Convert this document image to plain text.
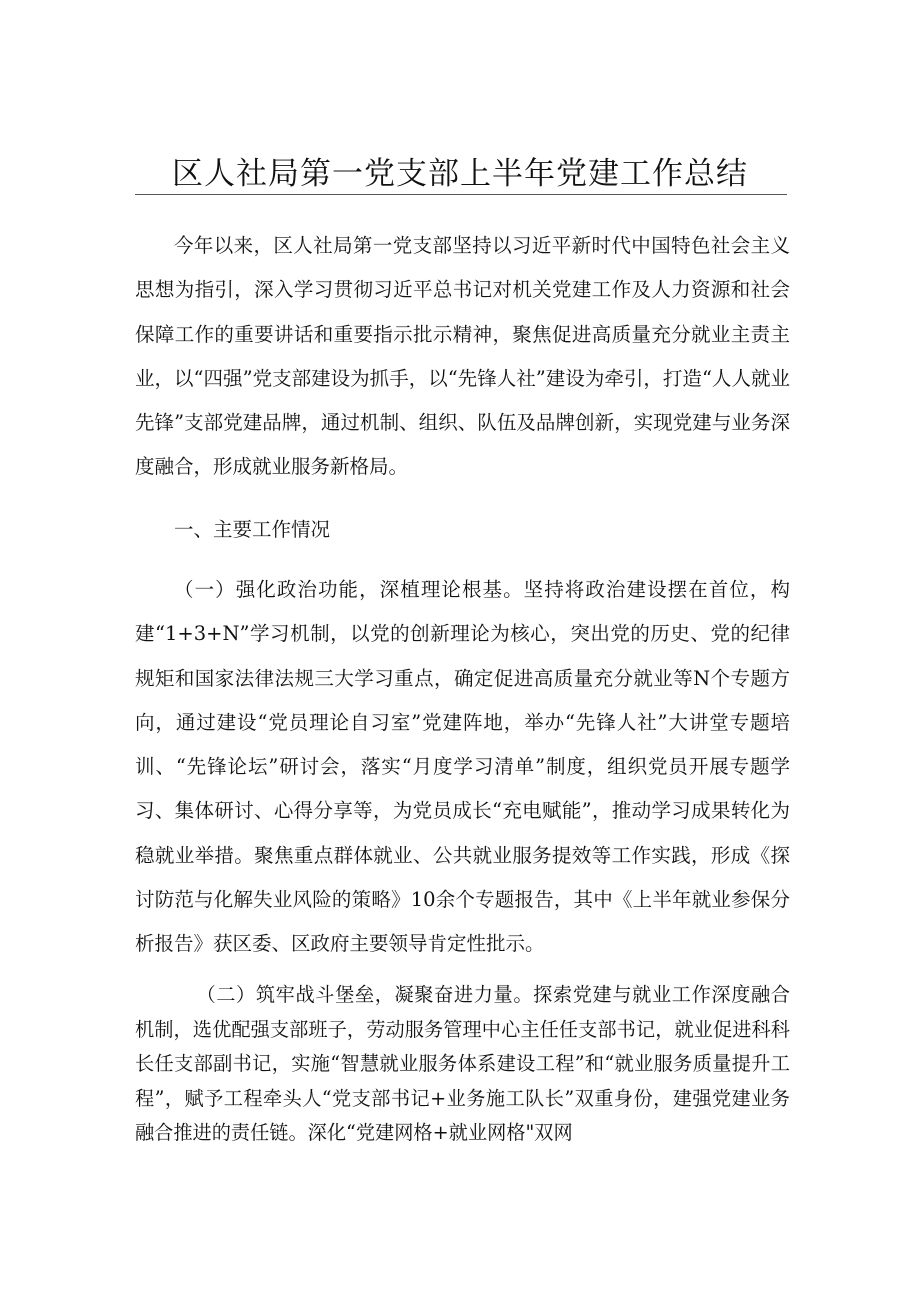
区人社局第一党支部上半年党建工作总结

今年以来，区人社局第一党支部坚持以习近平新时代中国特色社会主义思想为指引，深入学习贯彻习近平总书记对机关党建工作及人力资源和社会保障工作的重要讲话和重要指示批示精神，聚焦促进高质量充分就业主责主业，以“四强”党支部建设为抓手，以“先锋人社”建设为牵引，打造“人人就业先锋”支部党建品牌，通过机制、组织、队伍及品牌创新，实现党建与业务深度融合，形成就业服务新格局。

一、主要工作情况

（一）强化政治功能，深植理论根基。坚持将政治建设摆在首位，构建“1+3+N”学习机制，以党的创新理论为核心，突出党的历史、党的纪律规矩和国家法律法规三大学习重点，确定促进高质量充分就业等N个专题方向，通过建设“党员理论自习室”党建阵地，举办“先锋人社”大讲堂专题培训、“先锋论坛”研讨会，落实“月度学习清单”制度，组织党员开展专题学习、集体研讨、心得分享等，为党员成长“充电赋能”，推动学习成果转化为稳就业举措。聚焦重点群体就业、公共就业服务提效等工作实践，形成《探讨防范与化解失业风险的策略》10余个专题报告，其中《上半年就业参保分析报告》获区委、区政府主要领导肯定性批示。

（二）筑牢战斗堡垒，凝聚奋进力量。探索党建与就业工作深度融合机制，选优配强支部班子，劳动服务管理中心主任任支部书记，就业促进科科长任支部副书记，实施“智慧就业服务体系建设工程”和“就业服务质量提升工程”，赋予工程牵头人“党支部书记+业务施工队长”双重身份，建强党建业务融合推进的责任链。深化“党建网格+就业网格"双网
